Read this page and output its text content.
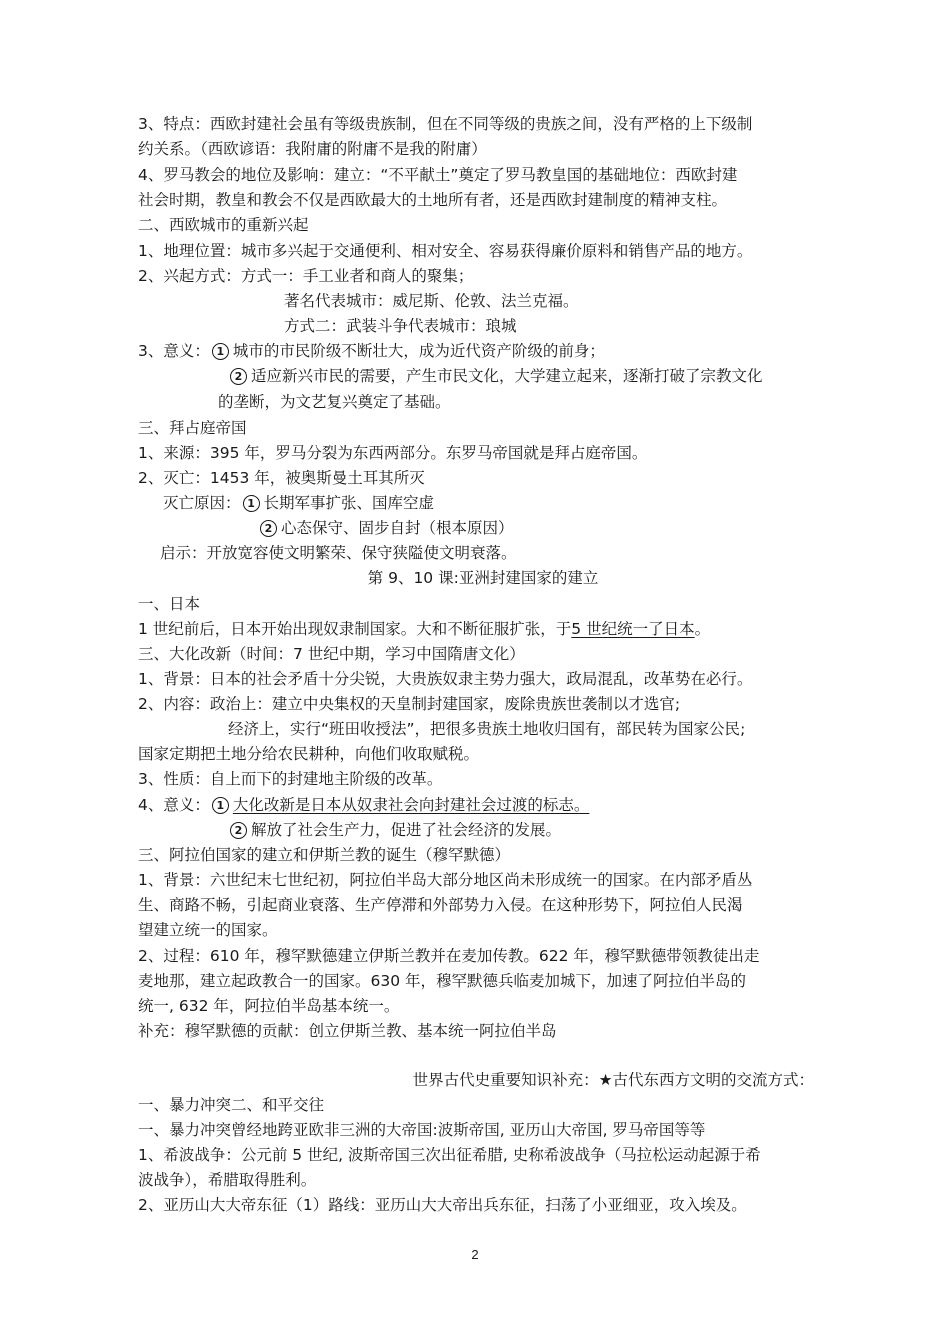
3、特点：西欧封建社会虽有等级贵族制，但在不同等级的贵族之间，没有严格的上下级制
约关系。（西欧谚语：我附庸的附庸不是我的附庸）
4、罗马教会的地位及影响：建立：“不平献土”奠定了罗马教皇国的基础地位：西欧封建
社会时期，教皇和教会不仅是西欧最大的土地所有者，还是西欧封建制度的精神支柱。
二、西欧城市的重新兴起
1、地理位置：城市多兴起于交通便利、相对安全、容易获得廉价原料和销售产品的地方。
2、兴起方式：方式一：手工业者和商人的聚集；
著名代表城市：威尼斯、伦敦、法兰克福。
方式二：武装斗争代表城市：琅城
3、意义： 1 城市的市民阶级不断壮大，成为近代资产阶级的前身；
2 适应新兴市民的需要，产生市民文化，大学建立起来，逐渐打破了宗教文化
的垄断，为文艺复兴奠定了基础。
三、拜占庭帝国
1、来源：395 年，罗马分裂为东西两部分。东罗马帝国就是拜占庭帝国。
2、灭亡：1453 年，被奥斯曼土耳其所灭
灭亡原因： 1 长期军事扩张、国库空虚
2 心态保守、固步自封（根本原因）
启示：开放宽容使文明繁荣、保守狭隘使文明衰落。
第 9、10 课:亚洲封建国家的建立
一、日本
1 世纪前后，日本开始出现奴隶制国家。大和不断征服扩张，于5 世纪统一了日本。
三、大化改新（时间：7 世纪中期，学习中国隋唐文化）
1、背景：日本的社会矛盾十分尖锐，大贵族奴隶主势力强大，政局混乱，改革势在必行。
2、内容：政治上：建立中央集权的天皇制封建国家，废除贵族世袭制以才选官;
经济上，实行“班田收授法”，把很多贵族土地收归国有，部民转为国家公民;
国家定期把土地分给农民耕种，向他们收取赋税。
3、性质：自上而下的封建地主阶级的改革。
4、意义： 1 大化改新是日本从奴隶社会向封建社会过渡的标志。
2 解放了社会生产力，促进了社会经济的发展。
三、阿拉伯国家的建立和伊斯兰教的诞生（穆罕默德）
1、背景：六世纪末七世纪初，阿拉伯半岛大部分地区尚未形成统一的国家。在内部矛盾丛
生、商路不畅，引起商业衰落、生产停滞和外部势力入侵。在这种形势下，阿拉伯人民渴
望建立统一的国家。
2、过程：610 年，穆罕默德建立伊斯兰教并在麦加传教。622 年，穆罕默德带领教徒出走
麦地那，建立起政教合一的国家。630 年，穆罕默德兵临麦加城下，加速了阿拉伯半岛的
统一, 632 年，阿拉伯半岛基本统一。
补充：穆罕默德的贡献：创立伊斯兰教、基本统一阿拉伯半岛
世界古代史重要知识补充：★古代东西方文明的交流方式：
一、暴力冲突二、和平交往
一、暴力冲突曾经地跨亚欧非三洲的大帝国:波斯帝国, 亚历山大帝国, 罗马帝国等等
1、希波战争：公元前 5 世纪, 波斯帝国三次出征希腊, 史称希波战争（马拉松运动起源于希
波战争），希腊取得胜利。
2、亚历山大大帝东征（1）路线：亚历山大大帝出兵东征，扫荡了小亚细亚，攻入埃及。
2
